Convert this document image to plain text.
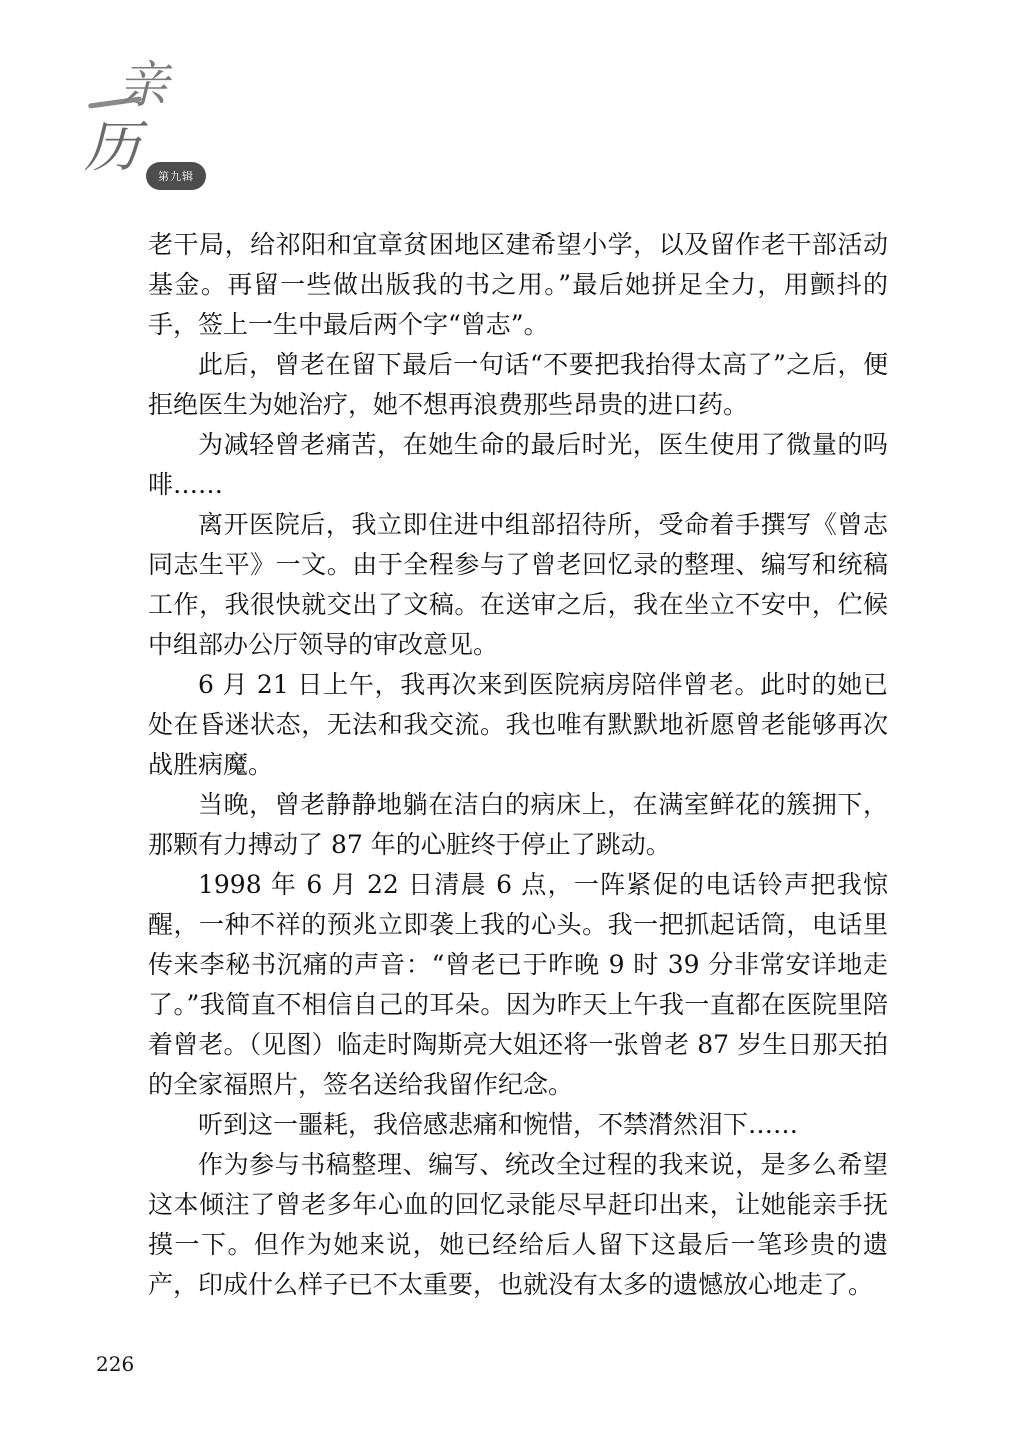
亲
历	第九辑

老干局，给祁阳和宜章贫困地区建希望小学，以及留作老干部活动基金。再留一些做出版我的书之用。”最后她拼足全力，用颤抖的手，签上一生中最后两个字“曾志”。

此后，曾老在留下最后一句话“不要把我抬得太高了”之后，便拒绝医生为她治疗，她不想再浪费那些昂贵的进口药。

为减轻曾老痛苦，在她生命的最后时光，医生使用了微量的吗啡……

离开医院后，我立即住进中组部招待所，受命着手撰写《曾志同志生平》一文。由于全程参与了曾老回忆录的整理、编写和统稿工作，我很快就交出了文稿。在送审之后，我在坐立不安中，伫候中组部办公厅领导的审改意见。

6 月 21 日上午，我再次来到医院病房陪伴曾老。此时的她已处在昏迷状态，无法和我交流。我也唯有默默地祈愿曾老能够再次战胜病魔。

当晚，曾老静静地躺在洁白的病床上，在满室鲜花的簇拥下，那颗有力搏动了 87 年的心脏终于停止了跳动。

1998 年 6 月 22 日清晨 6 点，一阵紧促的电话铃声把我惊醒，一种不祥的预兆立即袭上我的心头。我一把抓起话筒，电话里传来李秘书沉痛的声音：“曾老已于昨晚 9 时 39 分非常安详地走了。”我简直不相信自己的耳朵。因为昨天上午我一直都在医院里陪着曾老。（见图）临走时陶斯亮大姐还将一张曾老 87 岁生日那天拍的全家福照片，签名送给我留作纪念。

听到这一噩耗，我倍感悲痛和惋惜，不禁潸然泪下……

作为参与书稿整理、编写、统改全过程的我来说，是多么希望这本倾注了曾老多年心血的回忆录能尽早赶印出来，让她能亲手抚摸一下。但作为她来说，她已经给后人留下这最后一笔珍贵的遗产，印成什么样子已不太重要，也就没有太多的遗憾放心地走了。

226
